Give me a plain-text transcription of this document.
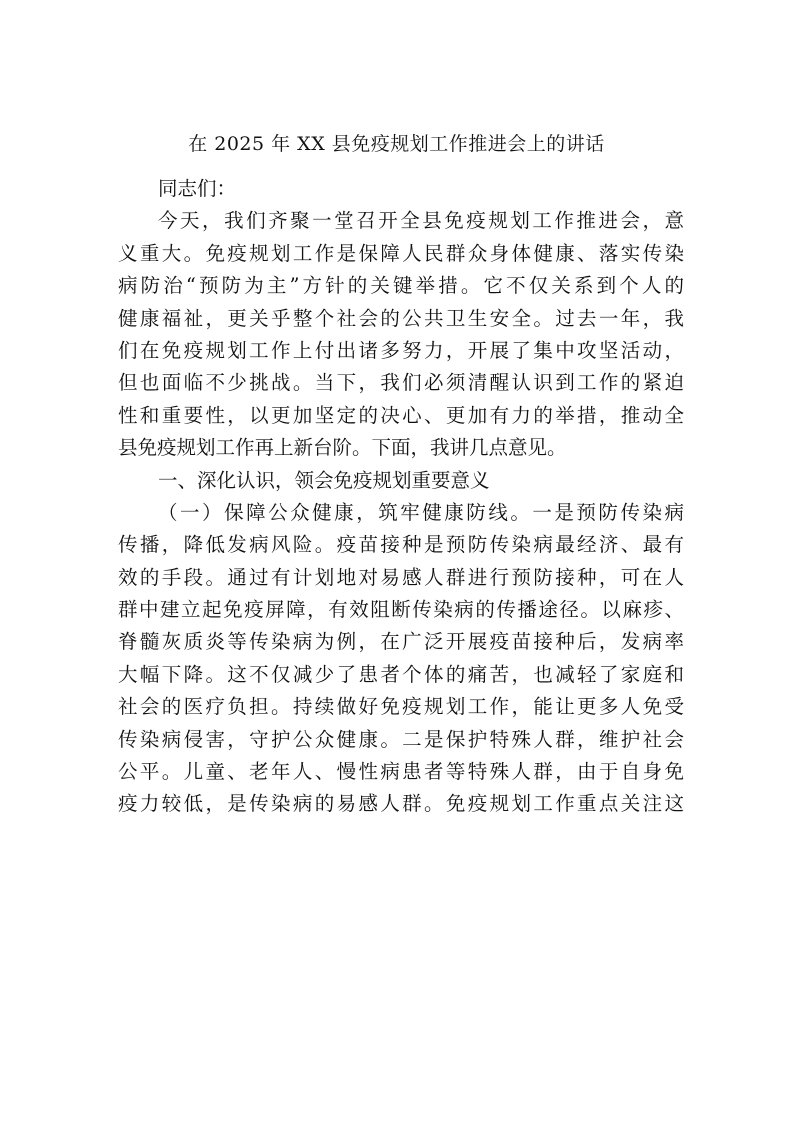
在 2025 年 XX 县免疫规划工作推进会上的讲话
同志们：
今天，我们齐聚一堂召开全县免疫规划工作推进会，意
义重大。免疫规划工作是保障人民群众身体健康、落实传染
病防治“预防为主”方针的关键举措。它不仅关系到个人的
健康福祉，更关乎整个社会的公共卫生安全。过去一年，我
们在免疫规划工作上付出诸多努力，开展了集中攻坚活动，
但也面临不少挑战。当下，我们必须清醒认识到工作的紧迫
性和重要性，以更加坚定的决心、更加有力的举措，推动全
县免疫规划工作再上新台阶。下面，我讲几点意见。
一、深化认识，领会免疫规划重要意义
（一）保障公众健康，筑牢健康防线。一是预防传染病
传播，降低发病风险。疫苗接种是预防传染病最经济、最有
效的手段。通过有计划地对易感人群进行预防接种，可在人
群中建立起免疫屏障，有效阻断传染病的传播途径。以麻疹、
脊髓灰质炎等传染病为例，在广泛开展疫苗接种后，发病率
大幅下降。这不仅减少了患者个体的痛苦，也减轻了家庭和
社会的医疗负担。持续做好免疫规划工作，能让更多人免受
传染病侵害，守护公众健康。二是保护特殊人群，维护社会
公平。儿童、老年人、慢性病患者等特殊人群，由于自身免
疫力较低，是传染病的易感人群。免疫规划工作重点关注这
